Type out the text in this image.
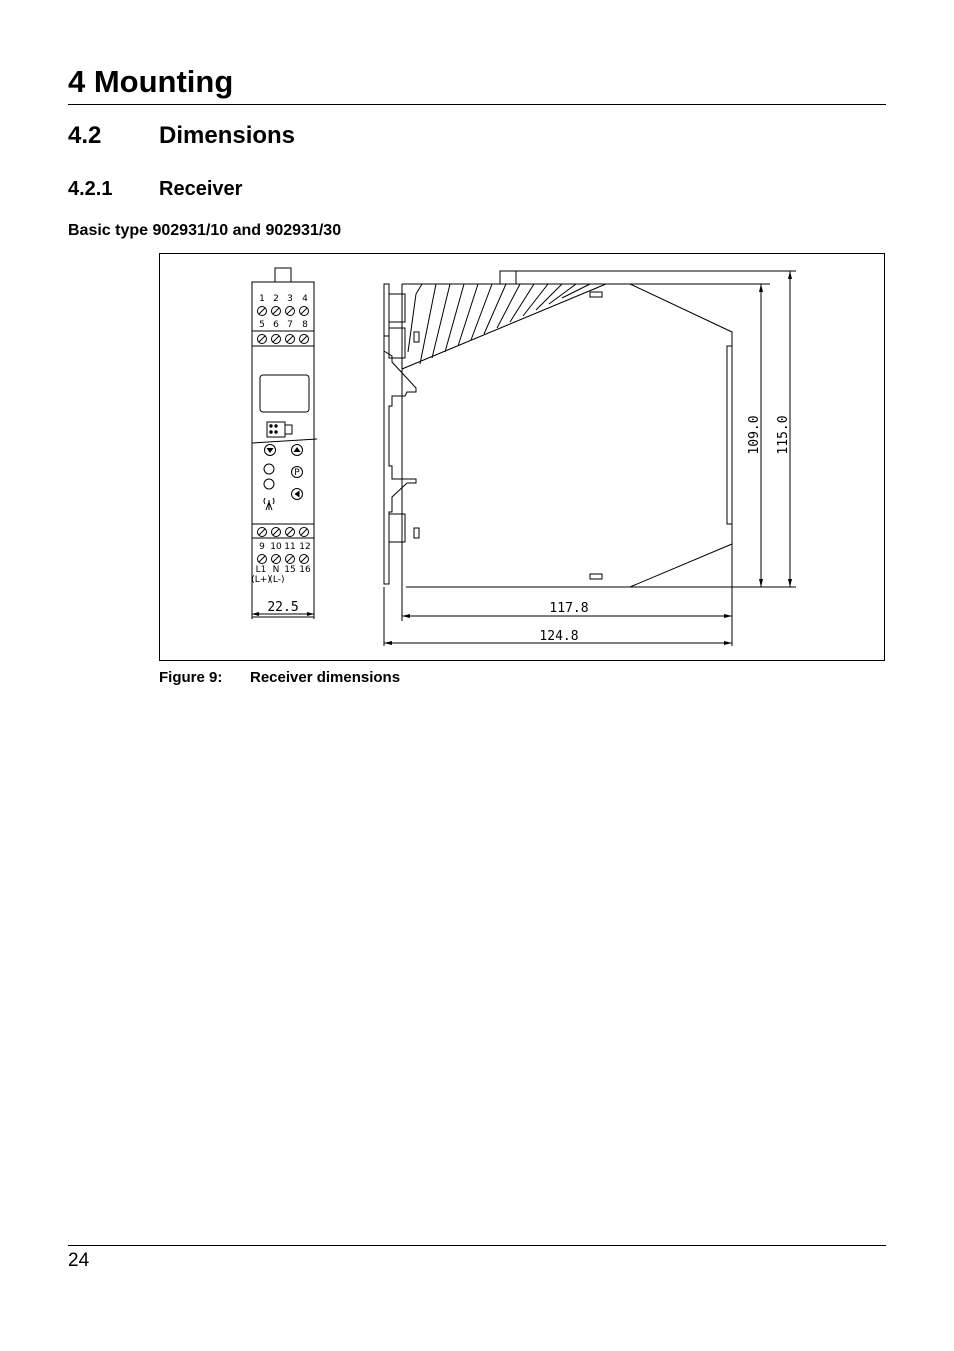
4 Mounting
4.2 Dimensions
4.2.1 Receiver
Basic type 902931/10 and 902931/30
P
1 2 3 4
5 6 7 8
9 10 11 12
L1 N 15 16
(L+)
(L-)
22.5
109.0 115.0
117.8
124.8
Figure 9: Receiver dimensions
24
